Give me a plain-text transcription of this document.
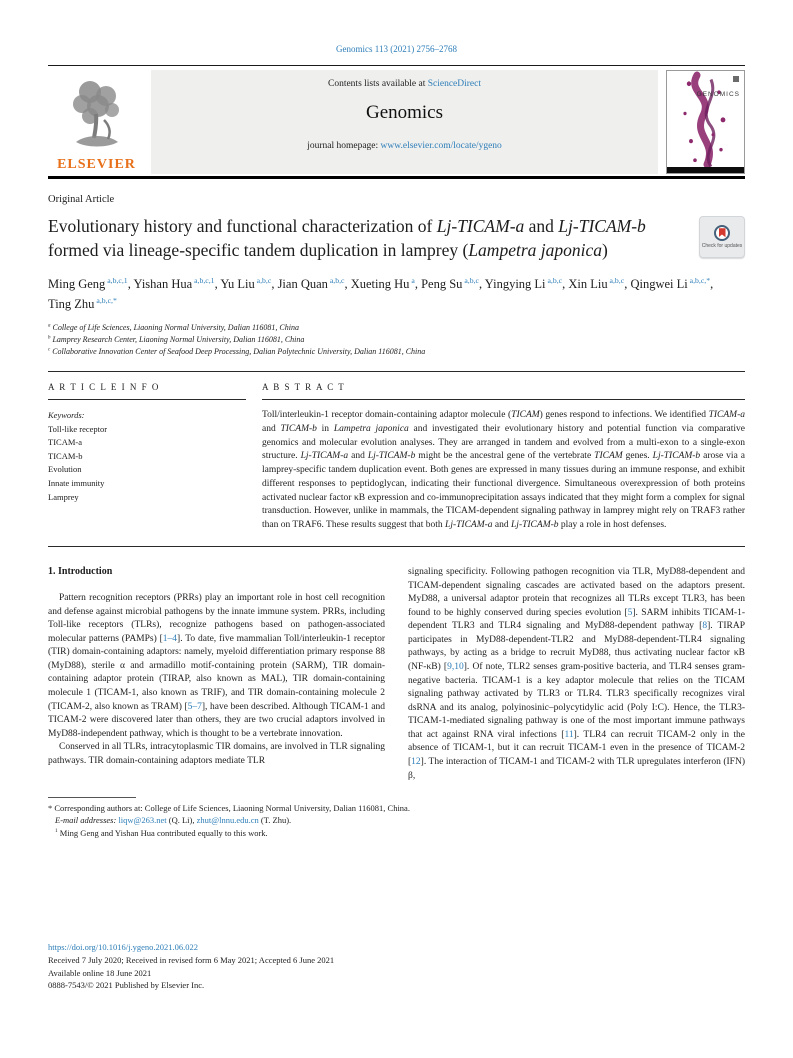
Genomics 113 (2021) 2756–2768
ELSEVIER
Contents lists available at ScienceDirect
Genomics
journal homepage: www.elsevier.com/locate/ygeno
GENOMICS
Original Article
Evolutionary history and functional characterization of Lj-TICAM-a and Lj-TICAM-b formed via lineage-specific tandem duplication in lamprey (Lampetra japonica)	Check for updates
Ming Geng $^{a,b,c,1}$, Yishan Hua $^{a,b,c,1}$, Yu Liu $^{a,b,c}$, Jian Quan $^{a,b,c}$, Xueting Hu $^a$, Peng Su $^{a,b,c}$, Yingying Li $^{a,b,c}$, Xin Liu $^{a,b,c}$, Qingwei Li $^{a,b,c,*}$, Ting Zhu $^{a,b,c,*}$
$^a$ College of Life Sciences, Liaoning Normal University, Dalian 116081, China
$^b$ Lamprey Research Center, Liaoning Normal University, Dalian 116081, China
$^c$ Collaborative Innovation Center of Seafood Deep Processing, Dalian Polytechnic University, Dalian 116081, China
A R T I C L E I N F O
Keywords:
Toll-like receptor
TICAM-a
TICAM-b
Evolution
Innate immunity
Lamprey
A B S T R A C T

Toll/interleukin-1 receptor domain-containing adaptor molecule (TICAM) genes respond to infections. We identified TICAM-a and TICAM-b in Lampetra japonica and investigated their evolutionary history and potential function via comparative genomics and molecular evolution analyses. They are arranged in tandem and evolved from a multi-exon to a single-exon structure. Lj-TICAM-a and Lj-TICAM-b might be the ancestral gene of the vertebrate TICAM genes. Lj-TICAM-b arose via a lamprey-specific tandem duplication event. Both genes are expressed in many tissues during an immune response, and exhibit different responses to peptidoglycan, indicating their functional divergence. Simultaneous overexpression of both proteins activated nuclear factor κB expression and co-immunoprecipitation assays indicated that they might form a complex for signal transduction. However, unlike in mammals, the TICAM-dependent signaling pathway in lamprey might rely on TRAF3 rather than on TRAF6. These results suggest that both Lj-TICAM-a and Lj-TICAM-b play a role in host defenses.

1. Introduction

Pattern recognition receptors (PRRs) play an important role in host cell recognition and defense against microbial pathogens by the innate immune system. PRRs, including Toll-like receptors (TLRs), recognize pathogens based on pathogen-associated molecular patterns (PAMPs) [1–4]. To date, five mammalian Toll/interleukin-1 receptor (TIR) domain-containing adaptors: namely, myeloid differentiation primary response 88 (MyD88), sterile α and armadillo motif-containing protein (SARM), TIR domain-containing adaptor protein (TIRAP, also known as MAL), TIR domain-containing molecule 1 (TICAM-1, also known as TRIF), and TIR domain-containing molecule 2 (TICAM-2, also known as TRAM) [5–7], have been described. Although TICAM-1 and TICAM-2 were discovered later than others, they are two crucial adaptors involved in MyD88-independent pathway, which is thought to be a vertebrate innovation.

Conserved in all TLRs, intracytoplasmic TIR domains, are involved in TLR signaling pathways. TIR domain-containing adaptors mediate TLR

signaling specificity. Following pathogen recognition via TLR, MyD88-dependent and TICAM-dependent signaling cascades are activated based on the adaptors present. MyD88, a universal adaptor protein that recognizes all TLRs except TLR3, has been found to be highly conserved during species evolution [5]. SARM inhibits TICAM-1-dependent TLR3 and TLR4 signaling and MyD88-dependent pathway [8]. TIRAP participates in MyD88-dependent-TLR2 and MyD88-dependent-TLR4 signaling pathways, by acting as a bridge to recruit MyD88, thus activating nuclear factor κB (NF-κB) [9,10]. Of note, TLR2 senses gram-positive bacteria, and TLR4 senses gram-negative bacteria. TICAM-1 is a key adaptor molecule that relies on the TICAM signaling pathway activated by TLR3 or TLR4. TLR3 specifically recognizes viral dsRNA and its analog, polyinosinic–polycytidylic acid (Poly I:C). Hence, the TLR3-TICAM-1-mediated signaling pathway is one of the most important immune pathways that act against RNA viral infections [11]. TLR4 can recruit TICAM-2 only in the absence of TICAM-1, but it can recruit TICAM-1 even in the presence of TICAM-2 [12]. The interaction of TICAM-1 and TICAM-2 with TLR upregulates interferon (IFN) β,

* Corresponding authors at: College of Life Sciences, Liaoning Normal University, Dalian 116081, China.
E-mail addresses: liqw@263.net (Q. Li), zhut@lnnu.edu.cn (T. Zhu).
$^1$ Ming Geng and Yishan Hua contributed equally to this work.
https://doi.org/10.1016/j.ygeno.2021.06.022
Received 7 July 2020; Received in revised form 6 May 2021; Accepted 6 June 2021
Available online 18 June 2021
0888-7543/© 2021 Published by Elsevier Inc.
